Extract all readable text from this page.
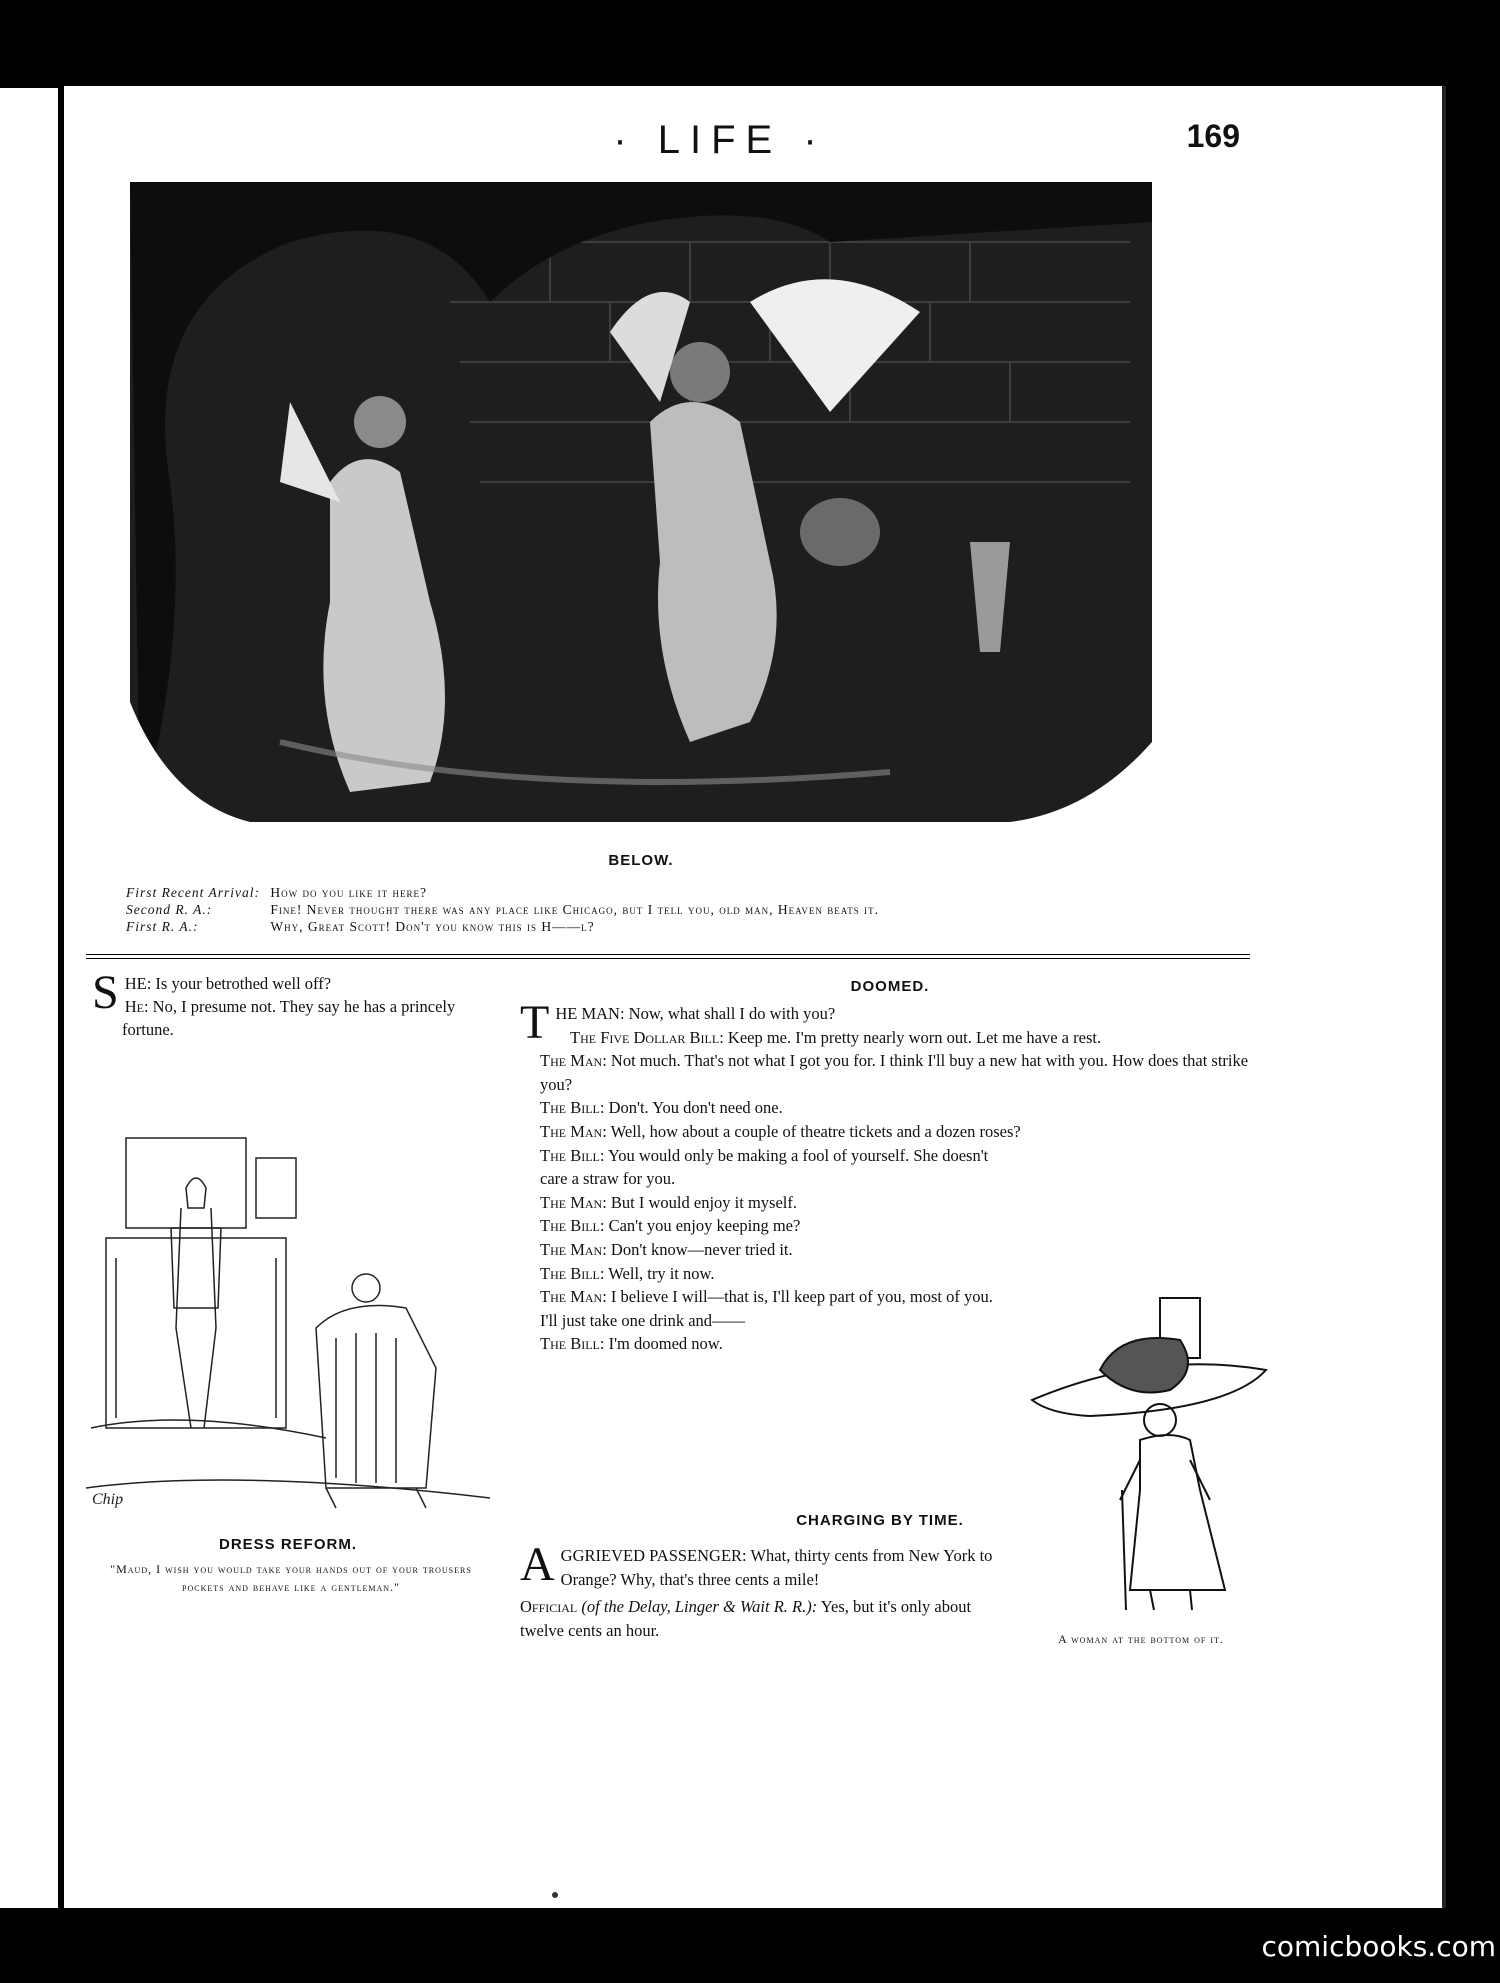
· LIFE ·	169
BELOW.
First Recent Arrival: How do you like it here?
Second R. A.:	Fine! Never thought there was any place like Chicago, but I tell you, old man, Heaven beats it.
First R. A.:	Why, Great Scott! Don't you know this is H——l?
S HE: Is your betrothed well off?
He: No, I presume not. They say he has a princely fortune.
Chip
DRESS REFORM.
"Maud, I wish you would take your hands out of your trousers pockets and behave like a gentleman."
DOOMED.
T HE MAN: Now, what shall I do with you?
The Five Dollar Bill: Keep me. I'm pretty nearly worn out. Let me have a rest.
The Man: Not much. That's not what I got you for. I think I'll buy a new hat with you. How does that strike you?
The Bill: Don't. You don't need one.
The Man: Well, how about a couple of theatre tickets and a dozen roses?
The Bill: You would only be making a fool of yourself. She doesn't care a straw for you.
The Man: But I would enjoy it myself.
The Bill: Can't you enjoy keeping me?
The Man: Don't know—never tried it.
The Bill: Well, try it now.
The Man: I believe I will—that is, I'll keep part of you, most of you. I'll just take one drink and——
The Bill: I'm doomed now.
CHARGING BY TIME.
A GGRIEVED PASSENGER: What, thirty cents from New York to Orange? Why, that's three cents a mile!
Official (of the Delay, Linger & Wait R. R.): Yes, but it's only about twelve cents an hour.	A woman at the bottom of it.
comicbooks.com
